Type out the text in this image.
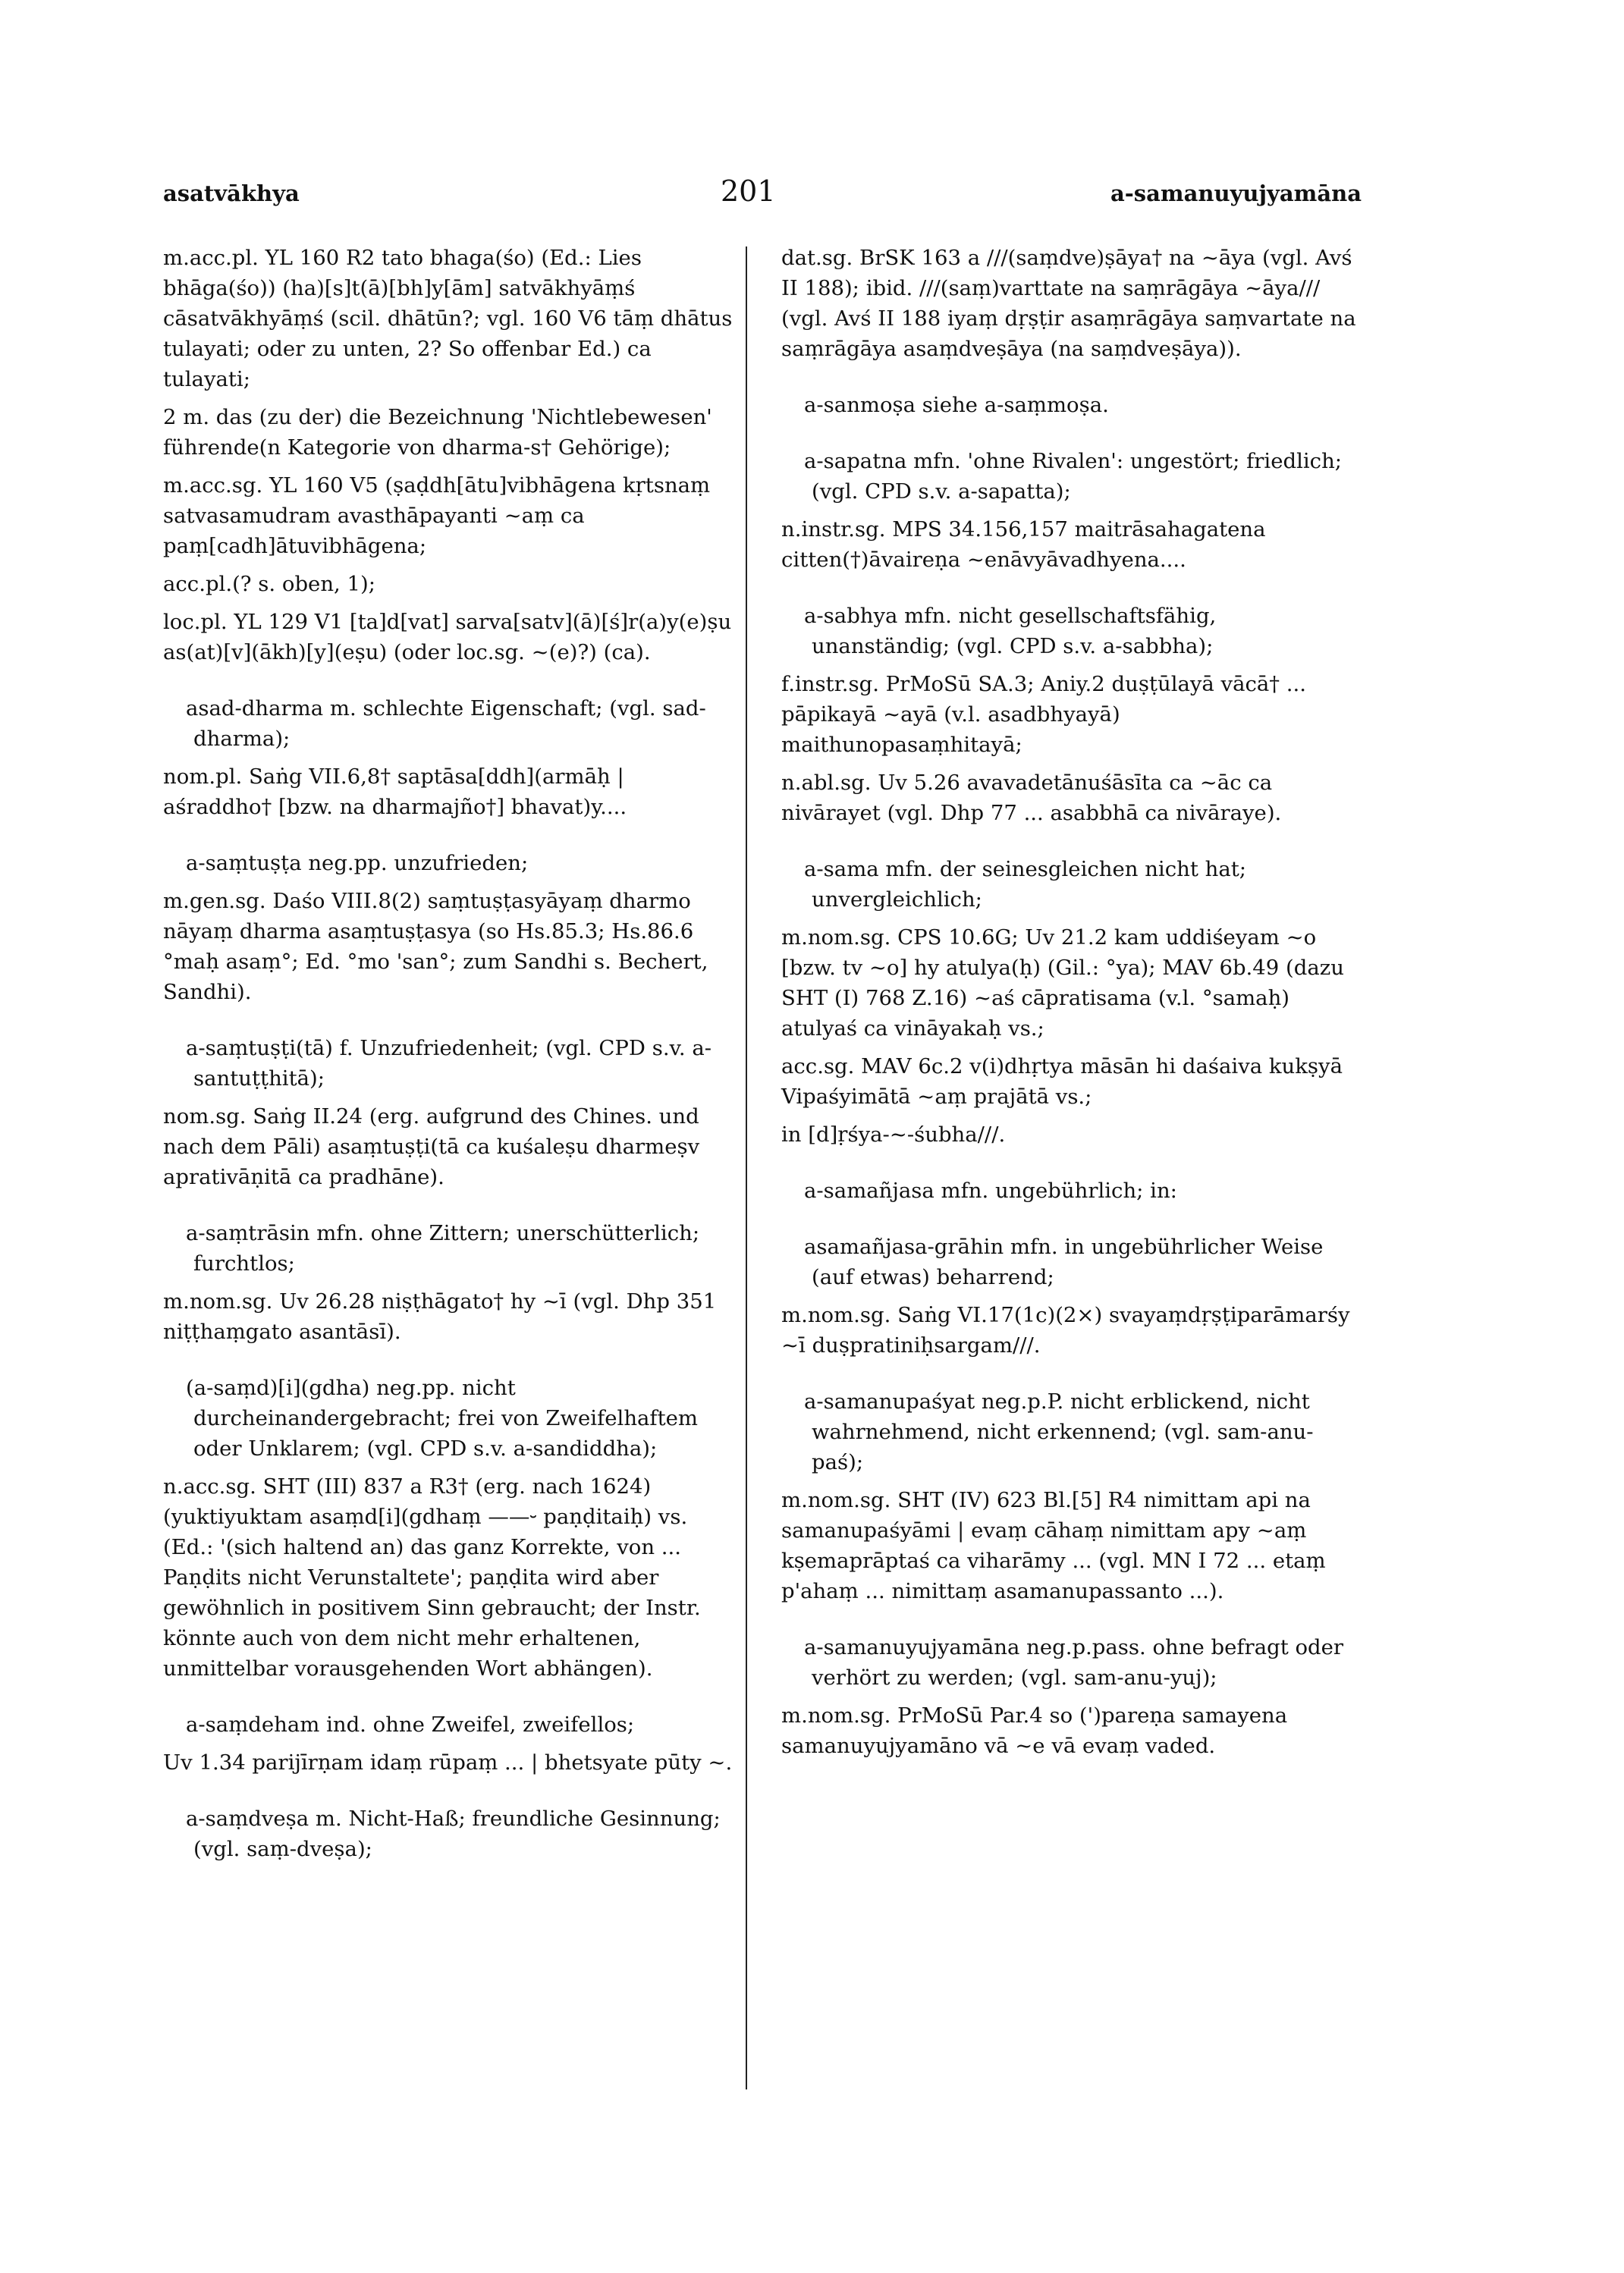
asatvākhya	201	a-samanuyujyamāna

m.acc.pl. YL 160 R2 tato bhaga(śo) (Ed.: Lies bhāga(śo)) (ha)[s]t(ā)[bh]y[ām] satvākhyāṃś cāsatvākhyāṃś (scil. dhātūn?; vgl. 160 V6 tāṃ dhātus tulayati; oder zu unten, 2? So offenbar Ed.) ca tulayati;

2 m. das (zu der) die Bezeichnung 'Nichtlebewesen' führende(n Kategorie von dharma-s† Gehörige);

m.acc.sg. YL 160 V5 (ṣaḍdh[ātu]vibhāgena kṛtsnaṃ satvasamudram avasthāpayanti ~aṃ ca paṃ[cadh]ātuvibhāgena;

acc.pl.(? s. oben, 1);

loc.pl. YL 129 V1 [ta]d[vat] sarva[satv](ā)[ś]r(a)y(e)ṣu as(at)[v](ākh)[y](eṣu) (oder loc.sg. ~(e)?) (ca).

asad-dharma m. schlechte Eigenschaft; (vgl. sad-dharma);

nom.pl. Saṅg VII.6,8† saptāsa[ddh](armāḥ | aśraddho† [bzw. na dharmajño†] bhavat)y....

a-saṃtuṣṭa neg.pp. unzufrieden;

m.gen.sg. Daśo VIII.8(2) saṃtuṣṭasyāyaṃ dharmo nāyaṃ dharma asaṃtuṣṭasya (so Hs.85.3; Hs.86.6 °maḥ asaṃ°; Ed. °mo 'san°; zum Sandhi s. Bechert, Sandhi).

a-saṃtuṣṭi(tā) f. Unzufriedenheit; (vgl. CPD s.v. a-santuṭṭhitā);

nom.sg. Saṅg II.24 (erg. aufgrund des Chines. und nach dem Pāli) asaṃtuṣṭi(tā ca kuśaleṣu dharmeṣv aprativāṇitā ca pradhāne).

a-saṃtrāsin mfn. ohne Zittern; unerschütterlich; furchtlos;

m.nom.sg. Uv 26.28 niṣṭhāgato† hy ~ī (vgl. Dhp 351 niṭṭhaṃgato asantāsī).

(a-saṃd)[i](gdha) neg.pp. nicht durcheinandergebracht; frei von Zweifelhaftem oder Unklarem; (vgl. CPD s.v. a-sandiddha);

n.acc.sg. SHT (III) 837 a R3† (erg. nach 1624) (yuktiyuktam asaṃd[i](gdhaṃ ——⏑ paṇḍitaiḥ) vs. (Ed.: '(sich haltend an) das ganz Korrekte, von ... Paṇḍits nicht Verunstaltete'; paṇḍita wird aber gewöhnlich in positivem Sinn gebraucht; der Instr. könnte auch von dem nicht mehr erhaltenen, unmittelbar vorausgehenden Wort abhängen).

a-saṃdeham ind. ohne Zweifel, zweifellos;

Uv 1.34 parijīrṇam idaṃ rūpaṃ ... | bhetsyate pūty ~.

a-saṃdveṣa m. Nicht-Haß; freundliche Gesinnung; (vgl. saṃ-dveṣa);

dat.sg. BrSK 163 a ///(saṃdve)ṣāya† na ~āya (vgl. Avś II 188); ibid. ///(saṃ)varttate na saṃrāgāya ~āya/// (vgl. Avś II 188 iyaṃ dṛṣṭir asaṃrāgāya saṃvartate na saṃrāgāya asaṃdveṣāya (na saṃdveṣāya)).

a-sanmoṣa siehe a-saṃmoṣa.

a-sapatna mfn. 'ohne Rivalen': ungestört; friedlich; (vgl. CPD s.v. a-sapatta);

n.instr.sg. MPS 34.156,157 maitrāsahagatena citten(†)āvaireṇa ~enāvyāvadhyena....

a-sabhya mfn. nicht gesellschaftsfähig, unanständig; (vgl. CPD s.v. a-sabbha);

f.instr.sg. PrMoSū SA.3; Aniy.2 duṣṭūlayā vācā† ... pāpikayā ~ayā (v.l. asadbhyayā) maithunopasaṃhitayā;

n.abl.sg. Uv 5.26 avavadetānuśāsīta ca ~āc ca nivārayet (vgl. Dhp 77 ... asabbhā ca nivāraye).

a-sama mfn. der seinesgleichen nicht hat; unvergleichlich;

m.nom.sg. CPS 10.6G; Uv 21.2 kam uddiśeyam ~o [bzw. tv ~o] hy atulya(ḥ) (Gil.: °ya); MAV 6b.49 (dazu SHT (I) 768 Z.16) ~aś cāpratisama (v.l. °samaḥ) atulyaś ca vināyakaḥ vs.;

acc.sg. MAV 6c.2 v(i)dhṛtya māsān hi daśaiva kukṣyā Vipaśyimātā ~aṃ prajātā vs.;

in [d]ṛśya-~-śubha///.

a-samañjasa mfn. ungebührlich; in:

asamañjasa-grāhin mfn. in ungebührlicher Weise (auf etwas) beharrend;

m.nom.sg. Saṅg VI.17(1c)(2×) svayaṃdṛṣṭiparāmarśy ~ī duṣpratiniḥsargam///.

a-samanupaśyat neg.p.P. nicht erblickend, nicht wahrnehmend, nicht erkennend; (vgl. sam-anu-paś);

m.nom.sg. SHT (IV) 623 Bl.[5] R4 nimittam api na samanupaśyāmi | evaṃ cāhaṃ nimittam apy ~aṃ kṣemaprāptaś ca viharāmy ... (vgl. MN I 72 ... etaṃ p'ahaṃ ... nimittaṃ asamanupassanto ...).

a-samanuyujyamāna neg.p.pass. ohne befragt oder verhört zu werden; (vgl. sam-anu-yuj);

m.nom.sg. PrMoSū Par.4 so (')pareṇa samayena samanuyujyamāno vā ~e vā evaṃ vaded.
